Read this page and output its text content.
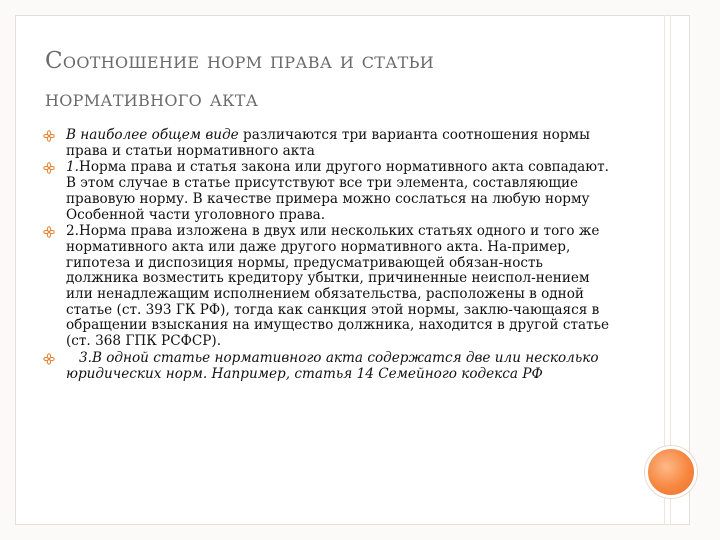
Соотношение норм права и статьи
нормативного акта
В наиболее общем виде различаются три варианта соотношения нормы права и статьи нормативного акта
1.Норма права и статья закона или другого нормативного акта совпадают. В этом случае в статье присутствуют все три элемента, составляющие правовую норму. В качестве примера можно сослаться на любую норму Особенной части уголовного права.
2.Норма права изложена в двух или нескольких статьях одного и того же нормативного акта или даже другого нормативного акта. На-пример, гипотеза и диспозиция нормы, предусматривающей обязан-ность должника возместить кредитору убытки, причиненные неиспол-нением или ненадлежащим исполнением обязательства, расположены в одной статье (ст. 393 ГК РФ), тогда как санкция этой нормы, заклю-чающаяся в обращении взыскания на имущество должника, находится в другой статье (ст. 368 ГПК РСФСР).
3.В одной статье нормативного акта содержатся две или несколько юридических норм. Например, статья 14 Семейного кодекса РФ
